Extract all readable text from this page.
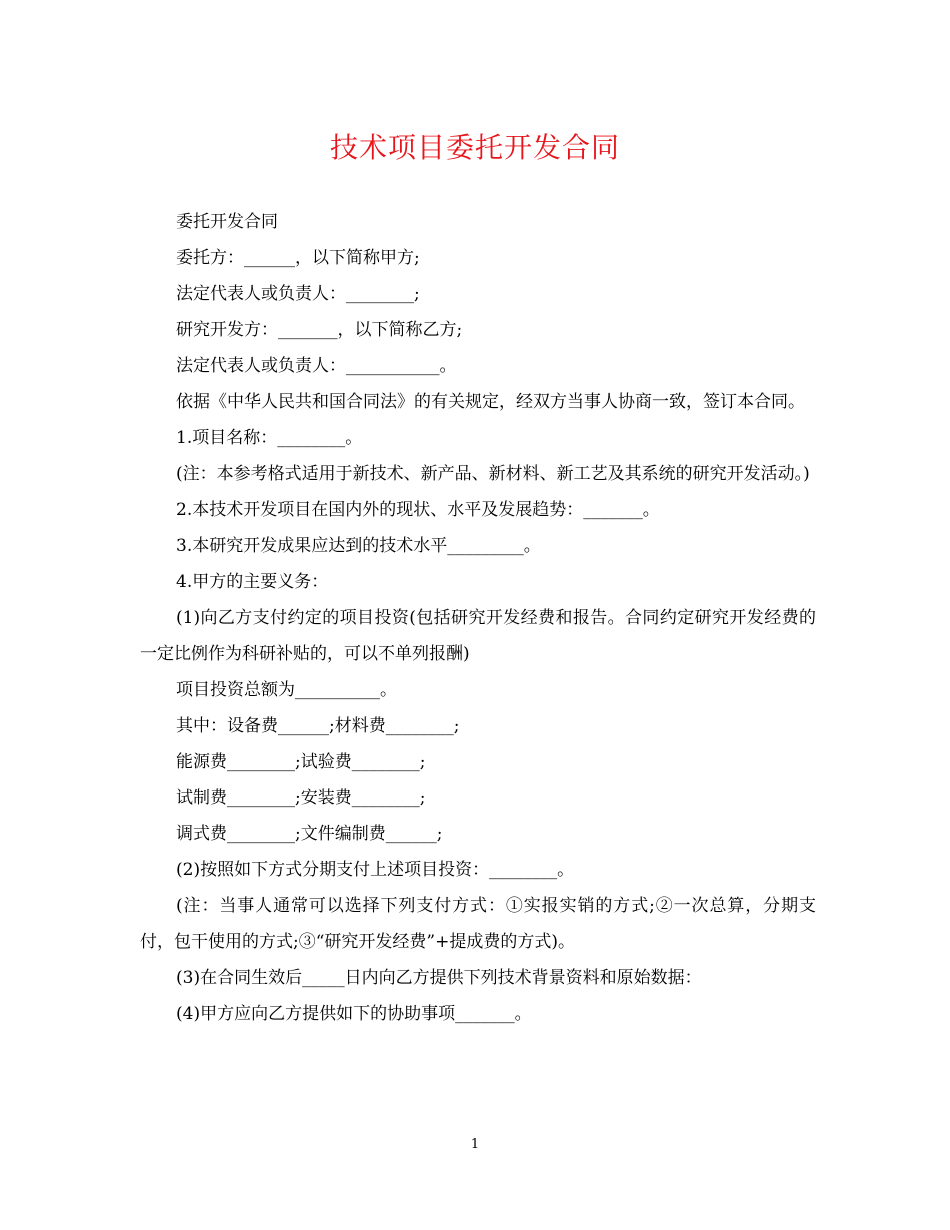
技术项目委托开发合同

委托开发合同

委托方：______，以下简称甲方;

法定代表人或负责人：________;

研究开发方：_______，以下简称乙方;

法定代表人或负责人：___________。

依据《中华人民共和国合同法》的有关规定，经双方当事人协商一致，签订本合同。

1.项目名称：________。

(注：本参考格式适用于新技术、新产品、新材料、新工艺及其系统的研究开发活动。)

2.本技术开发项目在国内外的现状、水平及发展趋势：_______。

3.本研究开发成果应达到的技术水平_________。

4.甲方的主要义务：

(1)向乙方支付约定的项目投资(包括研究开发经费和报告。合同约定研究开发经费的一定比例作为科研补贴的，可以不单列报酬)

项目投资总额为__________。

其中：设备费______;材料费________;

能源费________;试验费________;

试制费________;安装费________;

调式费________;文件编制费______;

(2)按照如下方式分期支付上述项目投资：________。

(注：当事人通常可以选择下列支付方式：①实报实销的方式;②一次总算，分期支付，包干使用的方式;③“研究开发经费”+提成费的方式)。

(3)在合同生效后_____日内向乙方提供下列技术背景资料和原始数据：

(4)甲方应向乙方提供如下的协助事项_______。

1
